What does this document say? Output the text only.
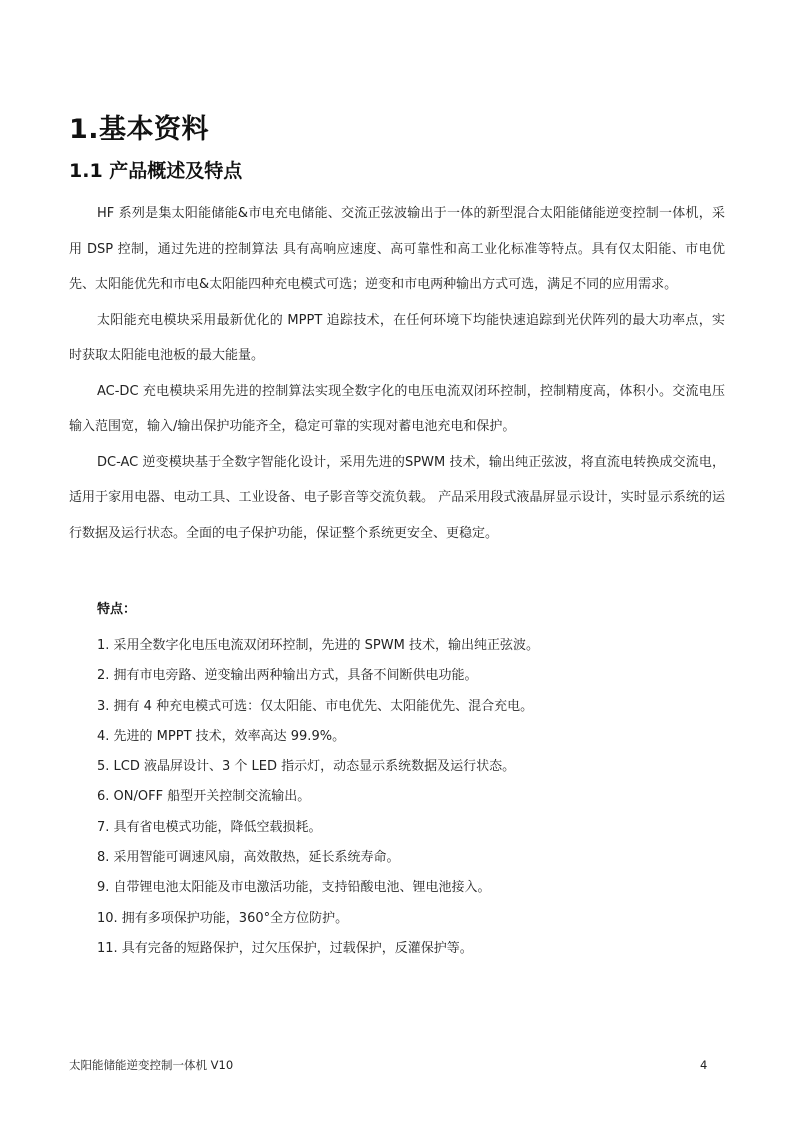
1.基本资料
1.1 产品概述及特点

HF 系列是集太阳能储能&市电充电储能、交流正弦波输出于一体的新型混合太阳能储能逆变控制一体机，采用 DSP 控制，通过先进的控制算法 具有高响应速度、高可靠性和高工业化标准等特点。具有仅太阳能、市电优先、太阳能优先和市电&太阳能四种充电模式可选；逆变和市电两种输出方式可选，满足不同的应用需求。

太阳能充电模块采用最新优化的 MPPT 追踪技术，在任何环境下均能快速追踪到光伏阵列的最大功率点，实时获取太阳能电池板的最大能量。

AC-DC 充电模块采用先进的控制算法实现全数字化的电压电流双闭环控制，控制精度高，体积小。交流电压输入范围宽，输入/输出保护功能齐全，稳定可靠的实现对蓄电池充电和保护。

DC-AC 逆变模块基于全数字智能化设计，采用先进的SPWM 技术，输出纯正弦波，将直流电转换成交流电，适用于家用电器、电动工具、工业设备、电子影音等交流负载。 产品采用段式液晶屏显示设计，实时显示系统的运行数据及运行状态。全面的电子保护功能，保证整个系统更安全、更稳定。

特点：
1. 采用全数字化电压电流双闭环控制，先进的 SPWM 技术，输出纯正弦波。
2. 拥有市电旁路、逆变输出两种输出方式，具备不间断供电功能。
3. 拥有 4 种充电模式可选：仅太阳能、市电优先、太阳能优先、混合充电。
4. 先进的 MPPT 技术，效率高达 99.9%。
5. LCD 液晶屏设计、3 个 LED 指示灯，动态显示系统数据及运行状态。
6. ON/OFF 船型开关控制交流输出。
7. 具有省电模式功能，降低空载损耗。
8. 采用智能可调速风扇，高效散热，延长系统寿命。
9. 自带锂电池太阳能及市电激活功能，支持铅酸电池、锂电池接入。
10. 拥有多项保护功能，360°全方位防护。
11. 具有完备的短路保护，过欠压保护，过载保护，反灌保护等。
太阳能储能逆变控制一体机 V10	4
